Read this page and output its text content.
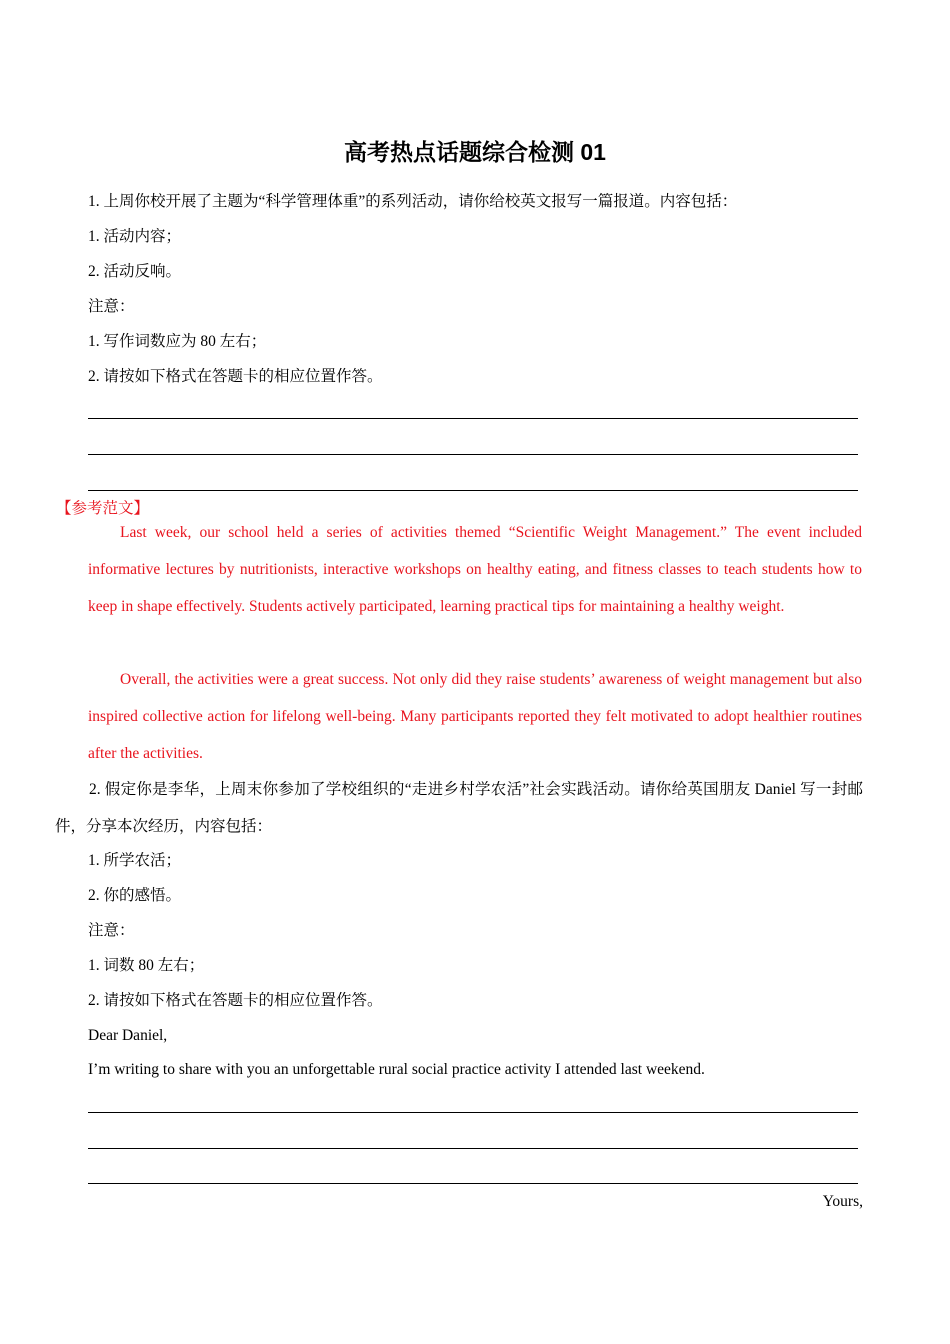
高考热点话题综合检测 01
1. 上周你校开展了主题为“科学管理体重”的系列活动，请你给校英文报写一篇报道。内容包括：
1. 活动内容；
2. 活动反响。
注意：
1. 写作词数应为 80 左右；
2. 请按如下格式在答题卡的相应位置作答。
【参考范文】
Last week, our school held a series of activities themed “Scientific Weight Management.” The event included informative lectures by nutritionists, interactive workshops on healthy eating, and fitness classes to teach students how to keep in shape effectively. Students actively participated, learning practical tips for maintaining a healthy weight.
Overall, the activities were a great success. Not only did they raise students’ awareness of weight management but also inspired collective action for lifelong well-being. Many participants reported they felt motivated to adopt healthier routines after the activities.
2. 假定你是李华，上周末你参加了学校组织的“走进乡村学农活”社会实践活动。请你给英国朋友 Daniel 写一封邮件，分享本次经历，内容包括：
1. 所学农活；
2. 你的感悟。
注意：
1. 词数 80 左右；
2. 请按如下格式在答题卡的相应位置作答。
Dear Daniel,
I’m writing to share with you an unforgettable rural social practice activity I attended last weekend.
Yours,
